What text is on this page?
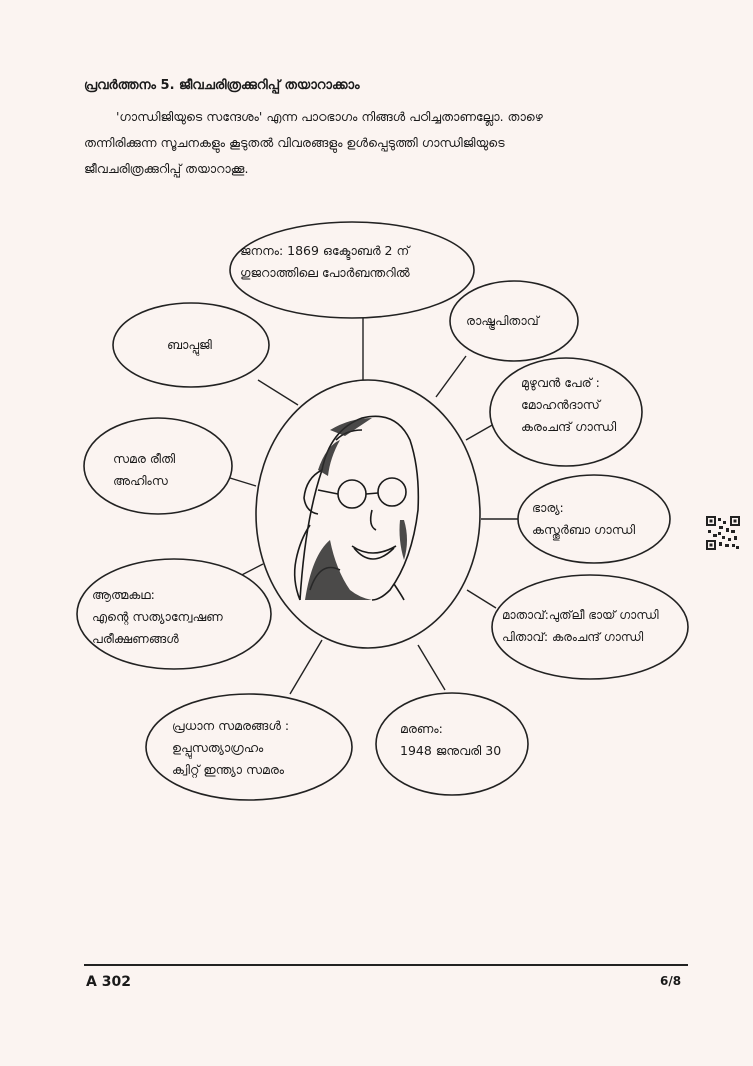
പ്രവർത്തനം 5. ജീവചരിത്രക്കുറിപ്പ് തയാറാക്കാം
'ഗാന്ധിജിയുടെ സന്ദേശം' എന്ന പാഠഭാഗം നിങ്ങൾ പഠിച്ചതാണല്ലോ. താഴെ
തന്നിരിക്കുന്ന സൂചനകളും കൂടുതൽ വിവരങ്ങളും ഉൾപ്പെടുത്തി ഗാന്ധിജിയുടെ
ജീവചരിത്രക്കുറിപ്പ് തയാറാക്കൂ.
ജനനം: 1869 ഒക്ടോബർ 2 ന്
ഗുജറാത്തിലെ പോർബന്തറിൽ
ബാപ്പുജി
രാഷ്ട്രപിതാവ്
മുഴുവൻ പേര് :
മോഹൻദാസ്
കരംചന്ദ് ഗാന്ധി
സമര രീതി
അഹിംസ
ഭാര്യ:
കസ്തൂർബാ ഗാന്ധി
ആത്മകഥ:
എന്റെ സത്യാന്വേഷണ
പരീക്ഷണങ്ങൾ
മാതാവ്:പുത്‌ലീ ഭായ് ഗാന്ധി
പിതാവ്: കരംചന്ദ് ഗാന്ധി
പ്രധാന സമരങ്ങൾ :
ഉപ്പുസത്യാഗ്രഹം
ക്വിറ്റ് ഇന്ത്യാ സമരം
മരണം:
1948 ജനുവരി 30
A 302	6/8
